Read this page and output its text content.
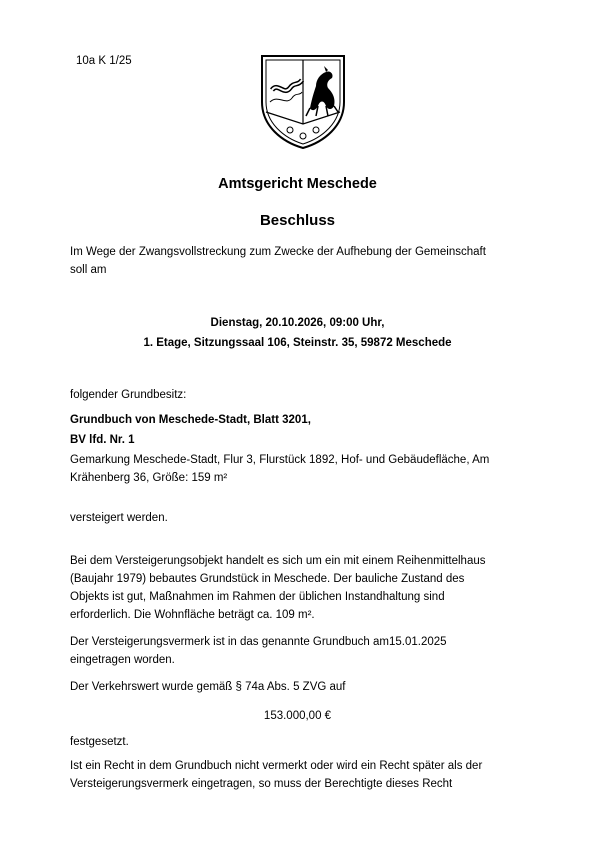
10a K 1/25
Amtsgericht Meschede
Beschluss
Im Wege der Zwangsvollstreckung zum Zwecke der Aufhebung der Gemeinschaft
soll am
Dienstag, 20.10.2026, 09:00 Uhr,
1. Etage, Sitzungssaal 106, Steinstr. 35, 59872 Meschede
folgender Grundbesitz:
Grundbuch von Meschede-Stadt, Blatt 3201,
BV lfd. Nr. 1
Gemarkung Meschede-Stadt, Flur 3, Flurstück 1892, Hof- und Gebäudefläche, Am
Krähenberg 36, Größe: 159 m²
versteigert werden.
Bei dem Versteigerungsobjekt handelt es sich um ein mit einem Reihenmittelhaus
(Baujahr 1979) bebautes Grundstück in Meschede. Der bauliche Zustand des
Objekts ist gut, Maßnahmen im Rahmen der üblichen Instandhaltung sind
erforderlich. Die Wohnfläche beträgt ca. 109 m².
Der Versteigerungsvermerk ist in das genannte Grundbuch am15.01.2025
eingetragen worden.
Der Verkehrswert wurde gemäß § 74a Abs. 5 ZVG auf
153.000,00 €
festgesetzt.
Ist ein Recht in dem Grundbuch nicht vermerkt oder wird ein Recht später als der
Versteigerungsvermerk eingetragen, so muss der Berechtigte dieses Recht
